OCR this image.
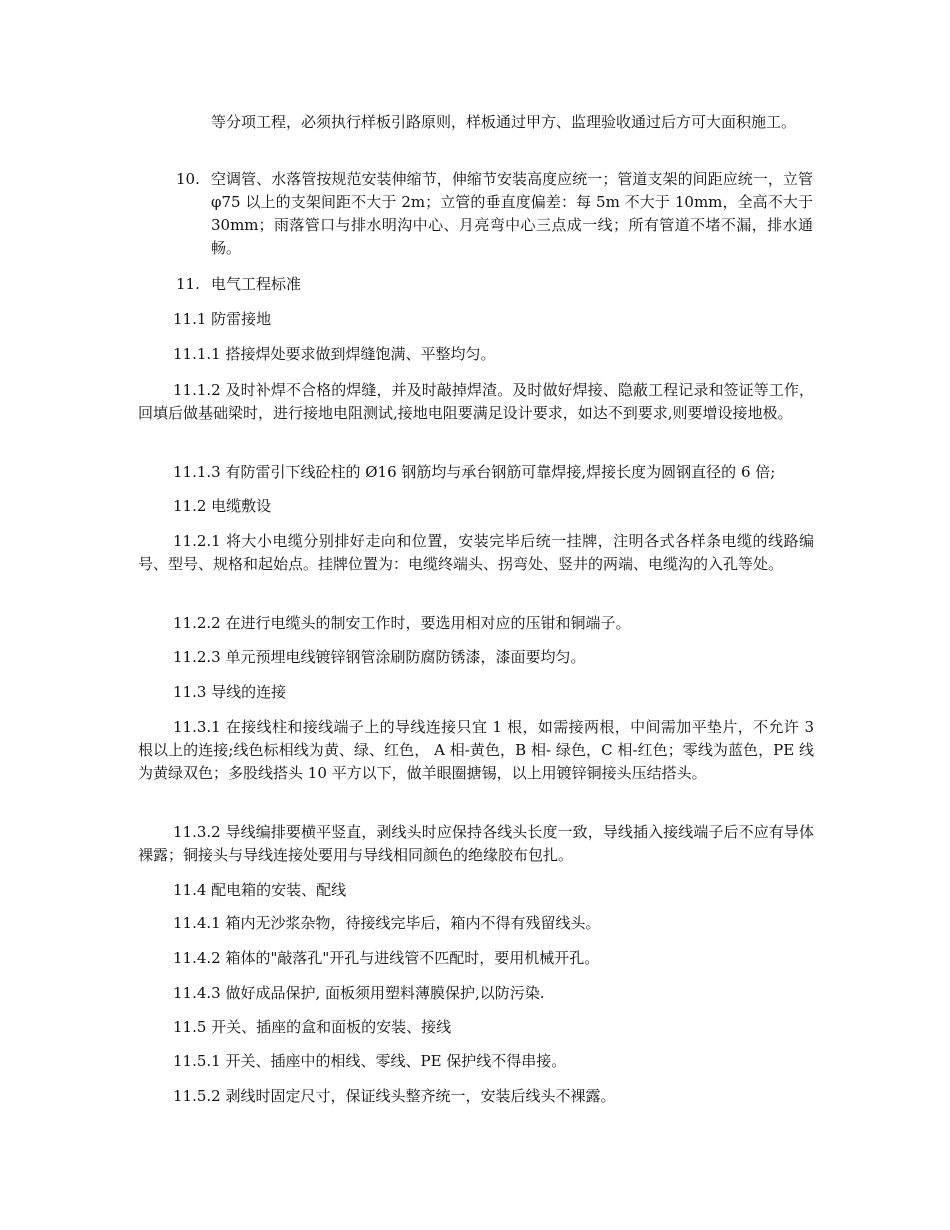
等分项工程，必须执行样板引路原则，样板通过甲方、监理验收通过后方可大面积施工。

10. 空调管、水落管按规范安装伸缩节，伸缩节安装高度应统一；管道支架的间距应统一，立管 φ75 以上的支架间距不大于 2m；立管的垂直度偏差：每 5m 不大于 10mm，全高不大于 30mm；雨落管口与排水明沟中心、月亮弯中心三点成一线；所有管道不堵不漏，排水通畅。

11. 电气工程标准

11.1 防雷接地

11.1.1 搭接焊处要求做到焊缝饱满、平整均匀。

11.1.2 及时补焊不合格的焊缝，并及时敲掉焊渣。及时做好焊接、隐蔽工程记录和签证等工作，回填后做基础梁时，进行接地电阻测试,接地电阻要满足设计要求，如达不到要求,则要增设接地极。

11.1.3 有防雷引下线砼柱的 Ø16 钢筋均与承台钢筋可靠焊接,焊接长度为圆钢直径的 6 倍;

11.2 电缆敷设

11.2.1 将大小电缆分别排好走向和位置，安装完毕后统一挂牌，注明各式各样条电缆的线路编号、型号、规格和起始点。挂牌位置为：电缆终端头、拐弯处、竖井的两端、电缆沟的入孔等处。

11.2.2 在进行电缆头的制安工作时，要选用相对应的压钳和铜端子。

11.2.3 单元预埋电线镀锌钢管涂刷防腐防锈漆，漆面要均匀。

11.3 导线的连接

11.3.1 在接线柱和接线端子上的导线连接只宜 1 根，如需接两根，中间需加平垫片，不允许 3 根以上的连接;线色标相线为黄、绿、红色， A 相-黄色，B 相- 绿色，C 相-红色；零线为蓝色，PE 线为黄绿双色；多股线搭头 10 平方以下，做羊眼圈搪锡，以上用镀锌铜接头压结搭头。

11.3.2 导线编排要横平竖直，剥线头时应保持各线头长度一致，导线插入接线端子后不应有导体裸露；铜接头与导线连接处要用与导线相同颜色的绝缘胶布包扎。

11.4 配电箱的安装、配线

11.4.1 箱内无沙浆杂物，待接线完毕后，箱内不得有残留线头。

11.4.2 箱体的"敲落孔"开孔与进线管不匹配时，要用机械开孔。

11.4.3 做好成品保护, 面板须用塑料薄膜保护,以防污染.

11.5 开关、插座的盒和面板的安装、接线

11.5.1 开关、插座中的相线、零线、PE 保护线不得串接。

11.5.2 剥线时固定尺寸，保证线头整齐统一，安装后线头不裸露。
